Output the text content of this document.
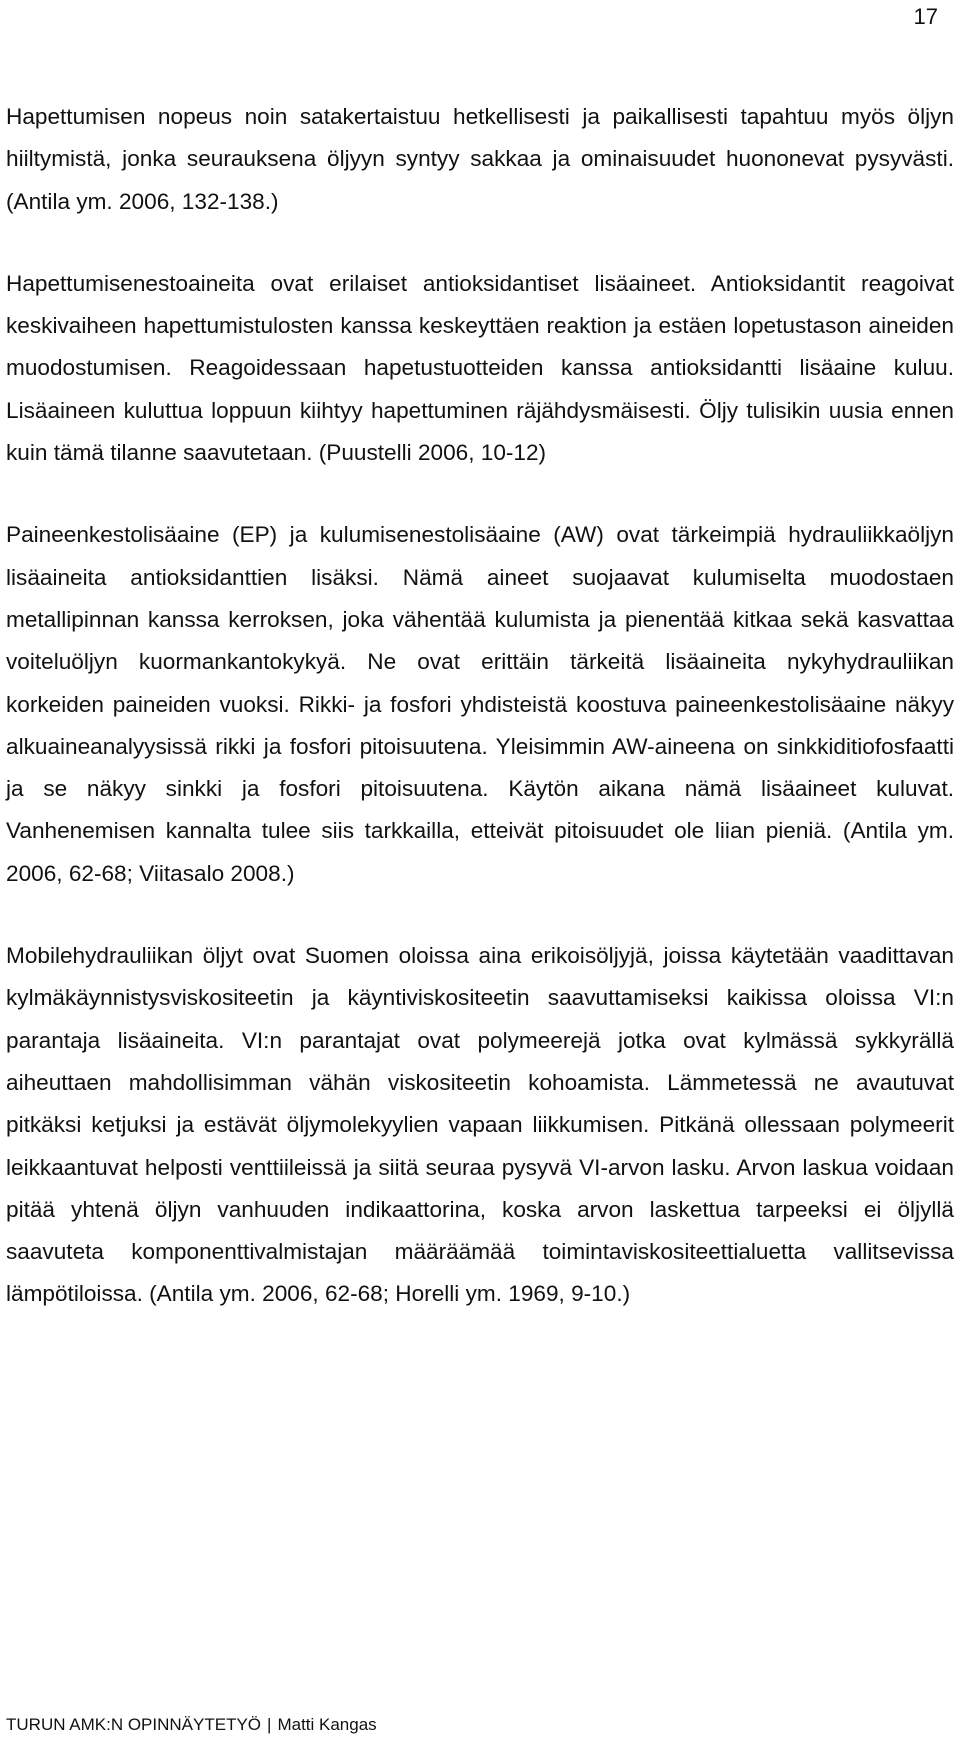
17

Hapettumisen nopeus noin satakertaistuu hetkellisesti ja paikallisesti tapahtuu myös öljyn hiiltymistä, jonka seurauksena öljyyn syntyy sakkaa ja ominaisuudet huononevat pysyvästi. (Antila ym. 2006, 132-138.)

Hapettumisenestoaineita ovat erilaiset antioksidantiset lisäaineet. Antioksidantit reagoivat keskivaiheen hapettumistulosten kanssa keskeyttäen reaktion ja estäen lopetustason aineiden muodostumisen. Reagoidessaan hapetustuotteiden kanssa antioksidantti lisäaine kuluu. Lisäaineen kuluttua loppuun kiihtyy hapettuminen räjähdysmäisesti. Öljy tulisikin uusia ennen kuin tämä tilanne saavutetaan. (Puustelli 2006, 10-12)

Paineenkestolisäaine (EP) ja kulumisenestolisäaine (AW) ovat tärkeimpiä hydrauliikkaöljyn lisäaineita antioksidanttien lisäksi. Nämä aineet suojaavat kulumiselta muodostaen metallipinnan kanssa kerroksen, joka vähentää kulumista ja pienentää kitkaa sekä kasvattaa voiteluöljyn kuormankantokykyä. Ne ovat erittäin tärkeitä lisäaineita nykyhydrauliikan korkeiden paineiden vuoksi. Rikki- ja fosfori yhdisteistä koostuva paineenkestolisäaine näkyy alkuaineanalyysissä rikki ja fosfori pitoisuutena. Yleisimmin AW-aineena on sinkkiditiofosfaatti ja se näkyy sinkki ja fosfori pitoisuutena. Käytön aikana nämä lisäaineet kuluvat. Vanhenemisen kannalta tulee siis tarkkailla, etteivät pitoisuudet ole liian pieniä. (Antila ym. 2006, 62-68; Viitasalo 2008.)

Mobilehydrauliikan öljyt ovat Suomen oloissa aina erikoisöljyjä, joissa käytetään vaadittavan kylmäkäynnistysviskositeetin ja käyntiviskositeetin saavuttamiseksi kaikissa oloissa VI:n parantaja lisäaineita. VI:n parantajat ovat polymeerejä jotka ovat kylmässä sykkyrällä aiheuttaen mahdollisimman vähän viskositeetin kohoamista. Lämmetessä ne avautuvat pitkäksi ketjuksi ja estävät öljymolekyylien vapaan liikkumisen. Pitkänä ollessaan polymeerit leikkaantuvat helposti venttiileissä ja siitä seuraa pysyvä VI-arvon lasku. Arvon laskua voidaan pitää yhtenä öljyn vanhuuden indikaattorina, koska arvon laskettua tarpeeksi ei öljyllä saavuteta komponenttivalmistajan määräämää toimintaviskositeettialuetta vallitsevissa lämpötiloissa. (Antila ym. 2006, 62-68; Horelli ym. 1969, 9-10.)

TURUN AMK:N OPINNÄYTETYÖ | Matti Kangas
